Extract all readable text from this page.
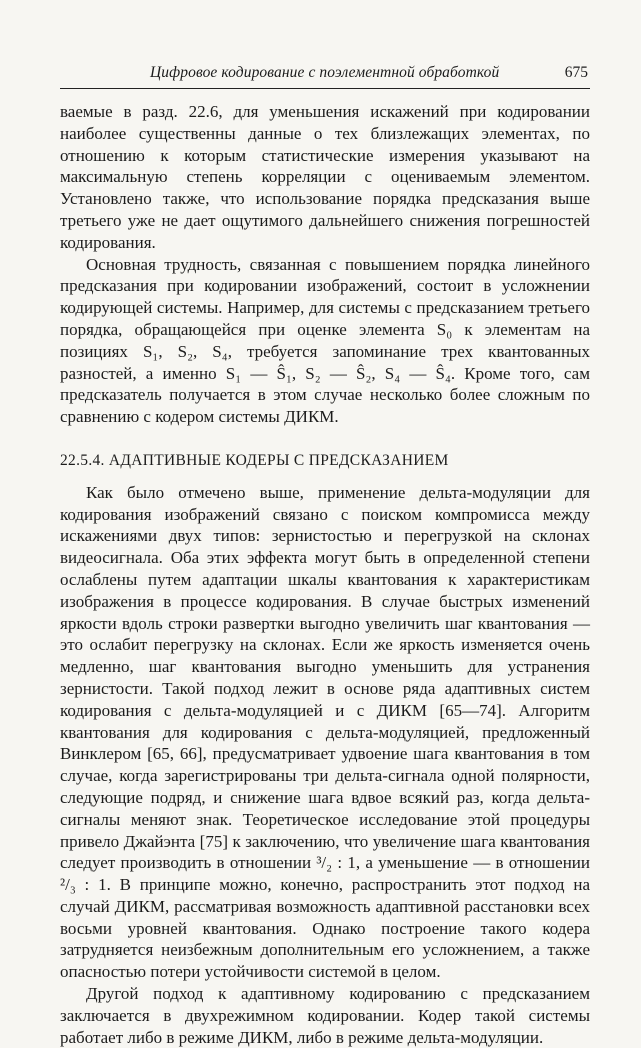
Цифровое кодирование с поэлементной обработкой	675

ваемые в разд. 22.6, для уменьшения искажений при кодировании наиболее существенны данные о тех близлежащих элементах, по отношению к которым статистические измерения указывают на максимальную степень корреляции с оцениваемым элементом. Установлено также, что использование порядка предсказания выше третьего уже не дает ощутимого дальнейшего снижения погрешностей кодирования.

Основная трудность, связанная с повышением порядка линейного предсказания при кодировании изображений, состоит в усложнении кодирующей системы. Например, для системы с предсказанием третьего порядка, обращающейся при оценке элемента S₀ к элементам на позициях S₁, S₂, S₄, требуется запоминание трех квантованных разностей, а именно S₁ — Ŝ₁, S₂ — Ŝ₂, S₄ — Ŝ₄. Кроме того, сам предсказатель получается в этом случае несколько более сложным по сравнению с кодером системы ДИКМ.

22.5.4. АДАПТИВНЫЕ КОДЕРЫ С ПРЕДСКАЗАНИЕМ

Как было отмечено выше, применение дельта-модуляции для кодирования изображений связано с поиском компромисса между искажениями двух типов: зернистостью и перегрузкой на склонах видеосигнала. Оба этих эффекта могут быть в определенной степени ослаблены путем адаптации шкалы квантования к характеристикам изображения в процессе кодирования. В случае быстрых изменений яркости вдоль строки развертки выгодно увеличить шаг квантования — это ослабит перегрузку на склонах. Если же яркость изменяется очень медленно, шаг квантования выгодно уменьшить для устранения зернистости. Такой подход лежит в основе ряда адаптивных систем кодирования с дельта-модуляцией и с ДИКМ [65—74]. Алгоритм квантования для кодирования с дельта-модуляцией, предложенный Винклером [65, 66], предусматривает удвоение шага квантования в том случае, когда зарегистрированы три дельта-сигнала одной полярности, следующие подряд, и снижение шага вдвое всякий раз, когда дельта-сигналы меняют знак. Теоретическое исследование этой процедуры привело Джайэнта [75] к заключению, что увеличение шага квантования следует производить в отношении ³/₂ : 1, а уменьшение — в отношении ²/₃ : 1. В принципе можно, конечно, распространить этот подход на случай ДИКМ, рассматривая возможность адаптивной расстановки всех восьми уровней квантования. Однако построение такого кодера затрудняется неизбежным дополнительным его усложнением, а также опасностью потери устойчивости системой в целом.

Другой подход к адаптивному кодированию с предсказанием заключается в двухрежимном кодировании. Кодер такой системы работает либо в режиме ДИКМ, либо в режиме дельта-модуляции.
